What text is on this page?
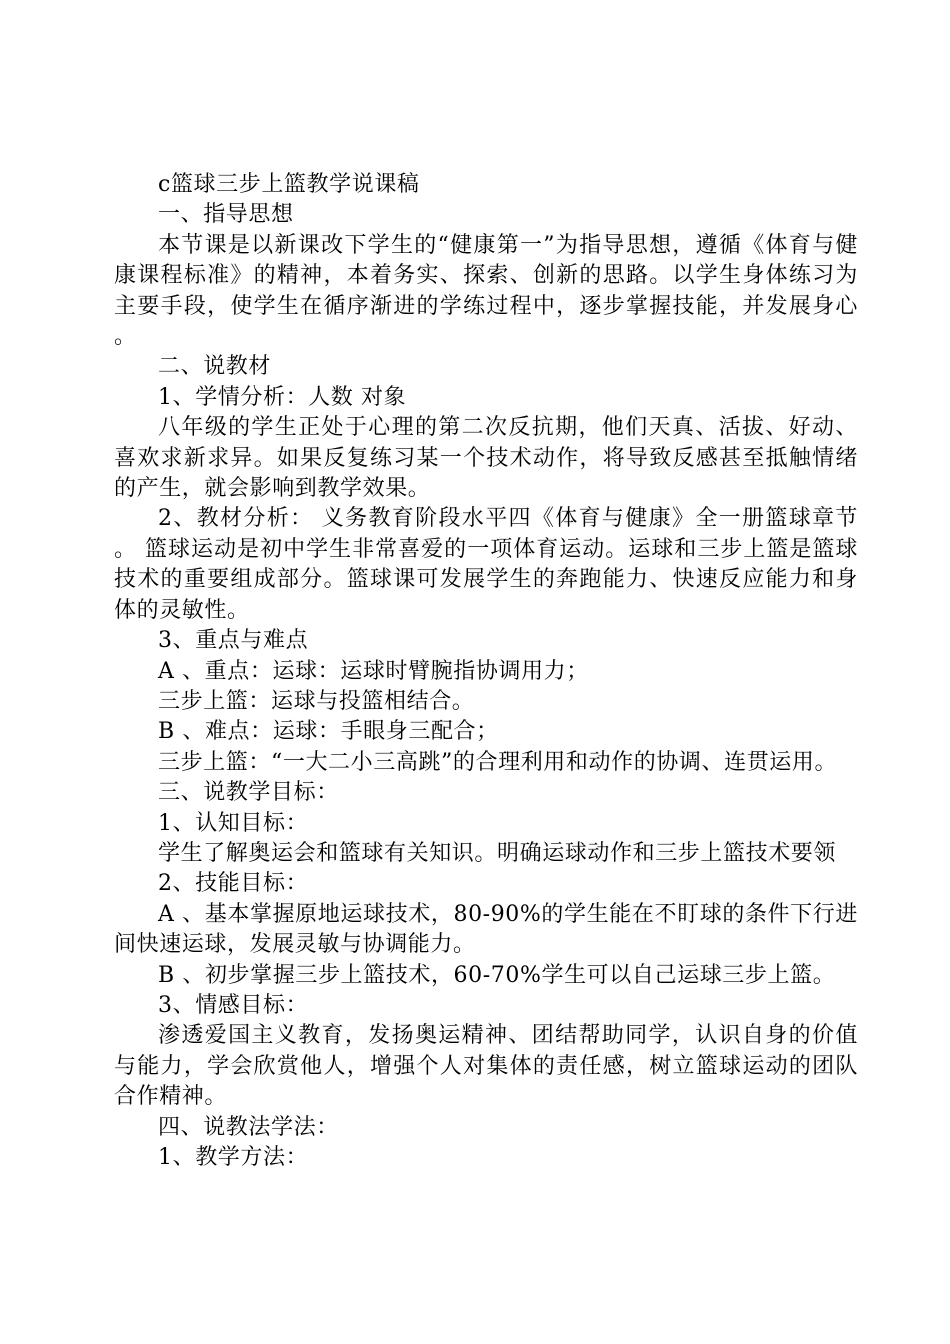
c篮球三步上篮教学说课稿

一、指导思想

本节课是以新课改下学生的“健康第一”为指导思想，遵循《体育与健康课程标准》的精神，本着务实、探索、创新的思路。以学生身体练习为主要手段，使学生在循序渐进的学练过程中，逐步掌握技能，并发展身心。

二、说教材

1、学情分析：人数 对象

八年级的学生正处于心理的第二次反抗期，他们天真、活拔、好动、喜欢求新求异。如果反复练习某一个技术动作，将导致反感甚至抵触情绪的产生，就会影响到教学效果。

2、教材分析： 义务教育阶段水平四《体育与健康》全一册篮球章节。 篮球运动是初中学生非常喜爱的一项体育运动。运球和三步上篮是篮球技术的重要组成部分。篮球课可发展学生的奔跑能力、快速反应能力和身体的灵敏性。

3、重点与难点

A 、重点：运球：运球时臂腕指协调用力；

三步上篮：运球与投篮相结合。

B 、难点：运球：手眼身三配合；

三步上篮：“一大二小三高跳”的合理利用和动作的协调、连贯运用。

三、说教学目标：

1、认知目标：

学生了解奥运会和篮球有关知识。明确运球动作和三步上篮技术要领

2、技能目标：

A 、基本掌握原地运球技术，80-90%的学生能在不盯球的条件下行进间快速运球，发展灵敏与协调能力。

B 、初步掌握三步上篮技术，60-70%学生可以自己运球三步上篮。

3、情感目标：

渗透爱国主义教育，发扬奥运精神、团结帮助同学，认识自身的价值与能力，学会欣赏他人，增强个人对集体的责任感，树立篮球运动的团队合作精神。

四、说教法学法：

1、教学方法：
